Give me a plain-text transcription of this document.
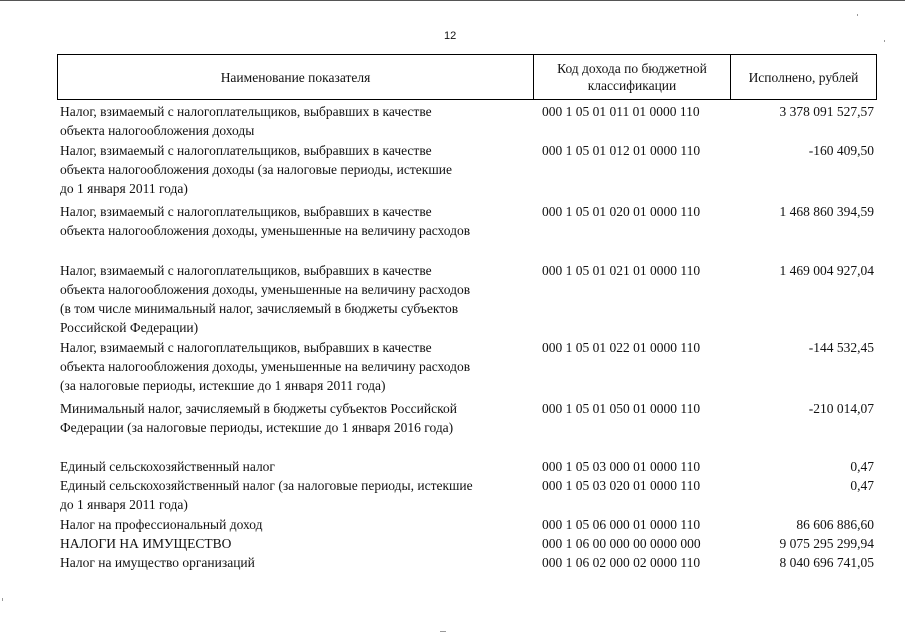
12
Наименование показателя
Код дохода по бюджетной классификации
Исполнено, рублей
Налог, взимаемый с налогоплательщиков, выбравших в качестве
объекта налогообложения доходы
000 1 05 01 011 01 0000 110	3 378 091 527,57
Налог, взимаемый с налогоплательщиков, выбравших в качестве
объекта налогообложения доходы (за налоговые периоды, истекшие
до 1 января 2011 года)
000 1 05 01 012 01 0000 110	-160 409,50
Налог, взимаемый с налогоплательщиков, выбравших в качестве
объекта налогообложения доходы, уменьшенные на величину расходов
000 1 05 01 020 01 0000 110	1 468 860 394,59
Налог, взимаемый с налогоплательщиков, выбравших в качестве
объекта налогообложения доходы, уменьшенные на величину расходов
(в том числе минимальный налог, зачисляемый в бюджеты субъектов
Российской Федерации)
000 1 05 01 021 01 0000 110	1 469 004 927,04
Налог, взимаемый с налогоплательщиков, выбравших в качестве
объекта налогообложения доходы, уменьшенные на величину расходов
(за налоговые периоды, истекшие до 1 января 2011 года)
000 1 05 01 022 01 0000 110	-144 532,45
Минимальный налог, зачисляемый в бюджеты субъектов Российской
Федерации (за налоговые периоды, истекшие до 1 января 2016 года)
000 1 05 01 050 01 0000 110	-210 014,07
Единый сельскохозяйственный налог	000 1 05 03 000 01 0000 110	0,47
Единый сельскохозяйственный налог (за налоговые периоды, истекшие
до 1 января 2011 года)
000 1 05 03 020 01 0000 110	0,47
Налог на профессиональный доход	000 1 05 06 000 01 0000 110	86 606 886,60
НАЛОГИ НА ИМУЩЕСТВО	000 1 06 00 000 00 0000 000	9 075 295 299,94
Налог на имущество организаций	000 1 06 02 000 02 0000 110	8 040 696 741,05
